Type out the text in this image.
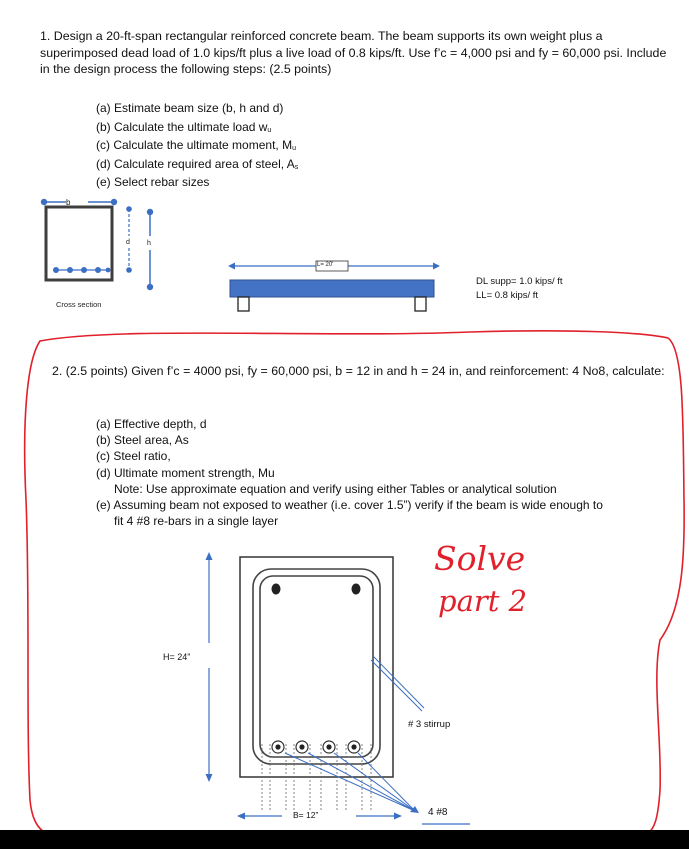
1. Design a 20-ft-span rectangular reinforced concrete beam. The beam supports its own weight plus a superimposed dead load of 1.0 kips/ft plus a live load of 0.8 kips/ft. Use f’c = 4,000 psi and fy = 60,000 psi. Include in the design process the following steps: (2.5 points)

(a) Estimate beam size (b, h and d)
(b) Calculate the ultimate load $w_u$
(c) Calculate the ultimate moment, $M_u$
(d) Calculate required area of steel, $A_s$
(e) Select rebar sizes
b
d h
Cross section
L= 20'
DL supp= 1.0 kips/ ft
LL= 0.8 kips/ ft

2. (2.5 points) Given f’c = 4000 psi, fy = 60,000 psi, b = 12 in and h = 24 in, and reinforcement: 4 No8, calculate:

(a) Effective depth, d
(b) Steel area, As
(c) Steel ratio,
(d) Ultimate moment strength, Mu
Note: Use approximate equation and verify using either Tables or analytical solution
(e) Assuming beam not exposed to weather (i.e. cover 1.5”) verify if the beam is wide enough to
fit 4 #8 re-bars in a single layer
H= 24”
B= 12”
# 3 stirrup
4 #8
Solve
part 2
